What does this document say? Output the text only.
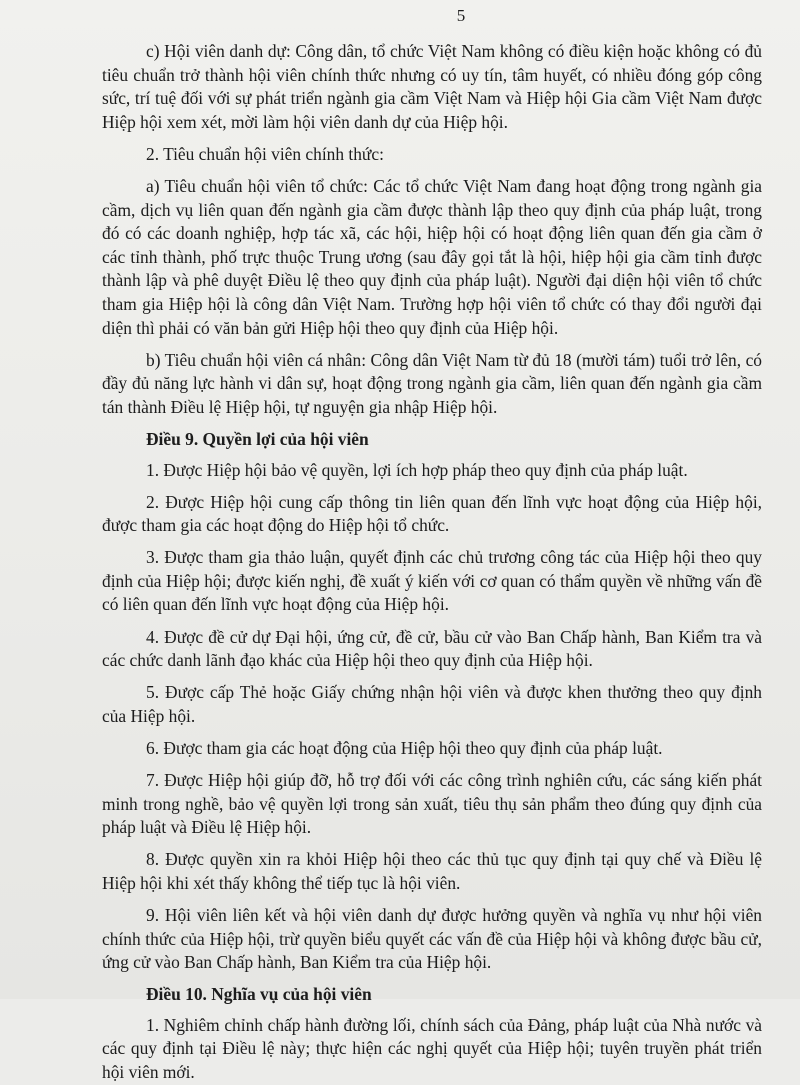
5

c) Hội viên danh dự: Công dân, tổ chức Việt Nam không có điều kiện hoặc không có đủ tiêu chuẩn trở thành hội viên chính thức nhưng có uy tín, tâm huyết, có nhiều đóng góp công sức, trí tuệ đối với sự phát triển ngành gia cầm Việt Nam và Hiệp hội Gia cầm Việt Nam được Hiệp hội xem xét, mời làm hội viên danh dự của Hiệp hội.

2. Tiêu chuẩn hội viên chính thức:

a) Tiêu chuẩn hội viên tổ chức: Các tổ chức Việt Nam đang hoạt động trong ngành gia cầm, dịch vụ liên quan đến ngành gia cầm được thành lập theo quy định của pháp luật, trong đó có các doanh nghiệp, hợp tác xã, các hội, hiệp hội có hoạt động liên quan đến gia cầm ở các tỉnh thành, phố trực thuộc Trung ương (sau đây gọi tắt là hội, hiệp hội gia cầm tỉnh được thành lập và phê duyệt Điều lệ theo quy định của pháp luật). Người đại diện hội viên tổ chức tham gia Hiệp hội là công dân Việt Nam. Trường hợp hội viên tổ chức có thay đổi người đại diện thì phải có văn bản gửi Hiệp hội theo quy định của Hiệp hội.

b) Tiêu chuẩn hội viên cá nhân: Công dân Việt Nam từ đủ 18 (mười tám) tuổi trở lên, có đầy đủ năng lực hành vi dân sự, hoạt động trong ngành gia cầm, liên quan đến ngành gia cầm tán thành Điều lệ Hiệp hội, tự nguyện gia nhập Hiệp hội.

Điều 9. Quyền lợi của hội viên

1. Được Hiệp hội bảo vệ quyền, lợi ích hợp pháp theo quy định của pháp luật.

2. Được Hiệp hội cung cấp thông tin liên quan đến lĩnh vực hoạt động của Hiệp hội, được tham gia các hoạt động do Hiệp hội tổ chức.

3. Được tham gia thảo luận, quyết định các chủ trương công tác của Hiệp hội theo quy định của Hiệp hội; được kiến nghị, đề xuất ý kiến với cơ quan có thẩm quyền về những vấn đề có liên quan đến lĩnh vực hoạt động của Hiệp hội.

4. Được đề cử dự Đại hội, ứng cử, đề cử, bầu cử vào Ban Chấp hành, Ban Kiểm tra và các chức danh lãnh đạo khác của Hiệp hội theo quy định của Hiệp hội.

5. Được cấp Thẻ hoặc Giấy chứng nhận hội viên và được khen thưởng theo quy định của Hiệp hội.

6. Được tham gia các hoạt động của Hiệp hội theo quy định của pháp luật.

7. Được Hiệp hội giúp đỡ, hỗ trợ đối với các công trình nghiên cứu, các sáng kiến phát minh trong nghề, bảo vệ quyền lợi trong sản xuất, tiêu thụ sản phẩm theo đúng quy định của pháp luật và Điều lệ Hiệp hội.

8. Được quyền xin ra khỏi Hiệp hội theo các thủ tục quy định tại quy chế và Điều lệ Hiệp hội khi xét thấy không thể tiếp tục là hội viên.

9. Hội viên liên kết và hội viên danh dự được hưởng quyền và nghĩa vụ như hội viên chính thức của Hiệp hội, trừ quyền biểu quyết các vấn đề của Hiệp hội và không được bầu cử, ứng cử vào Ban Chấp hành, Ban Kiểm tra của Hiệp hội.

Điều 10. Nghĩa vụ của hội viên

1. Nghiêm chỉnh chấp hành đường lối, chính sách của Đảng, pháp luật của Nhà nước và các quy định tại Điều lệ này; thực hiện các nghị quyết của Hiệp hội; tuyên truyền phát triển hội viên mới.
